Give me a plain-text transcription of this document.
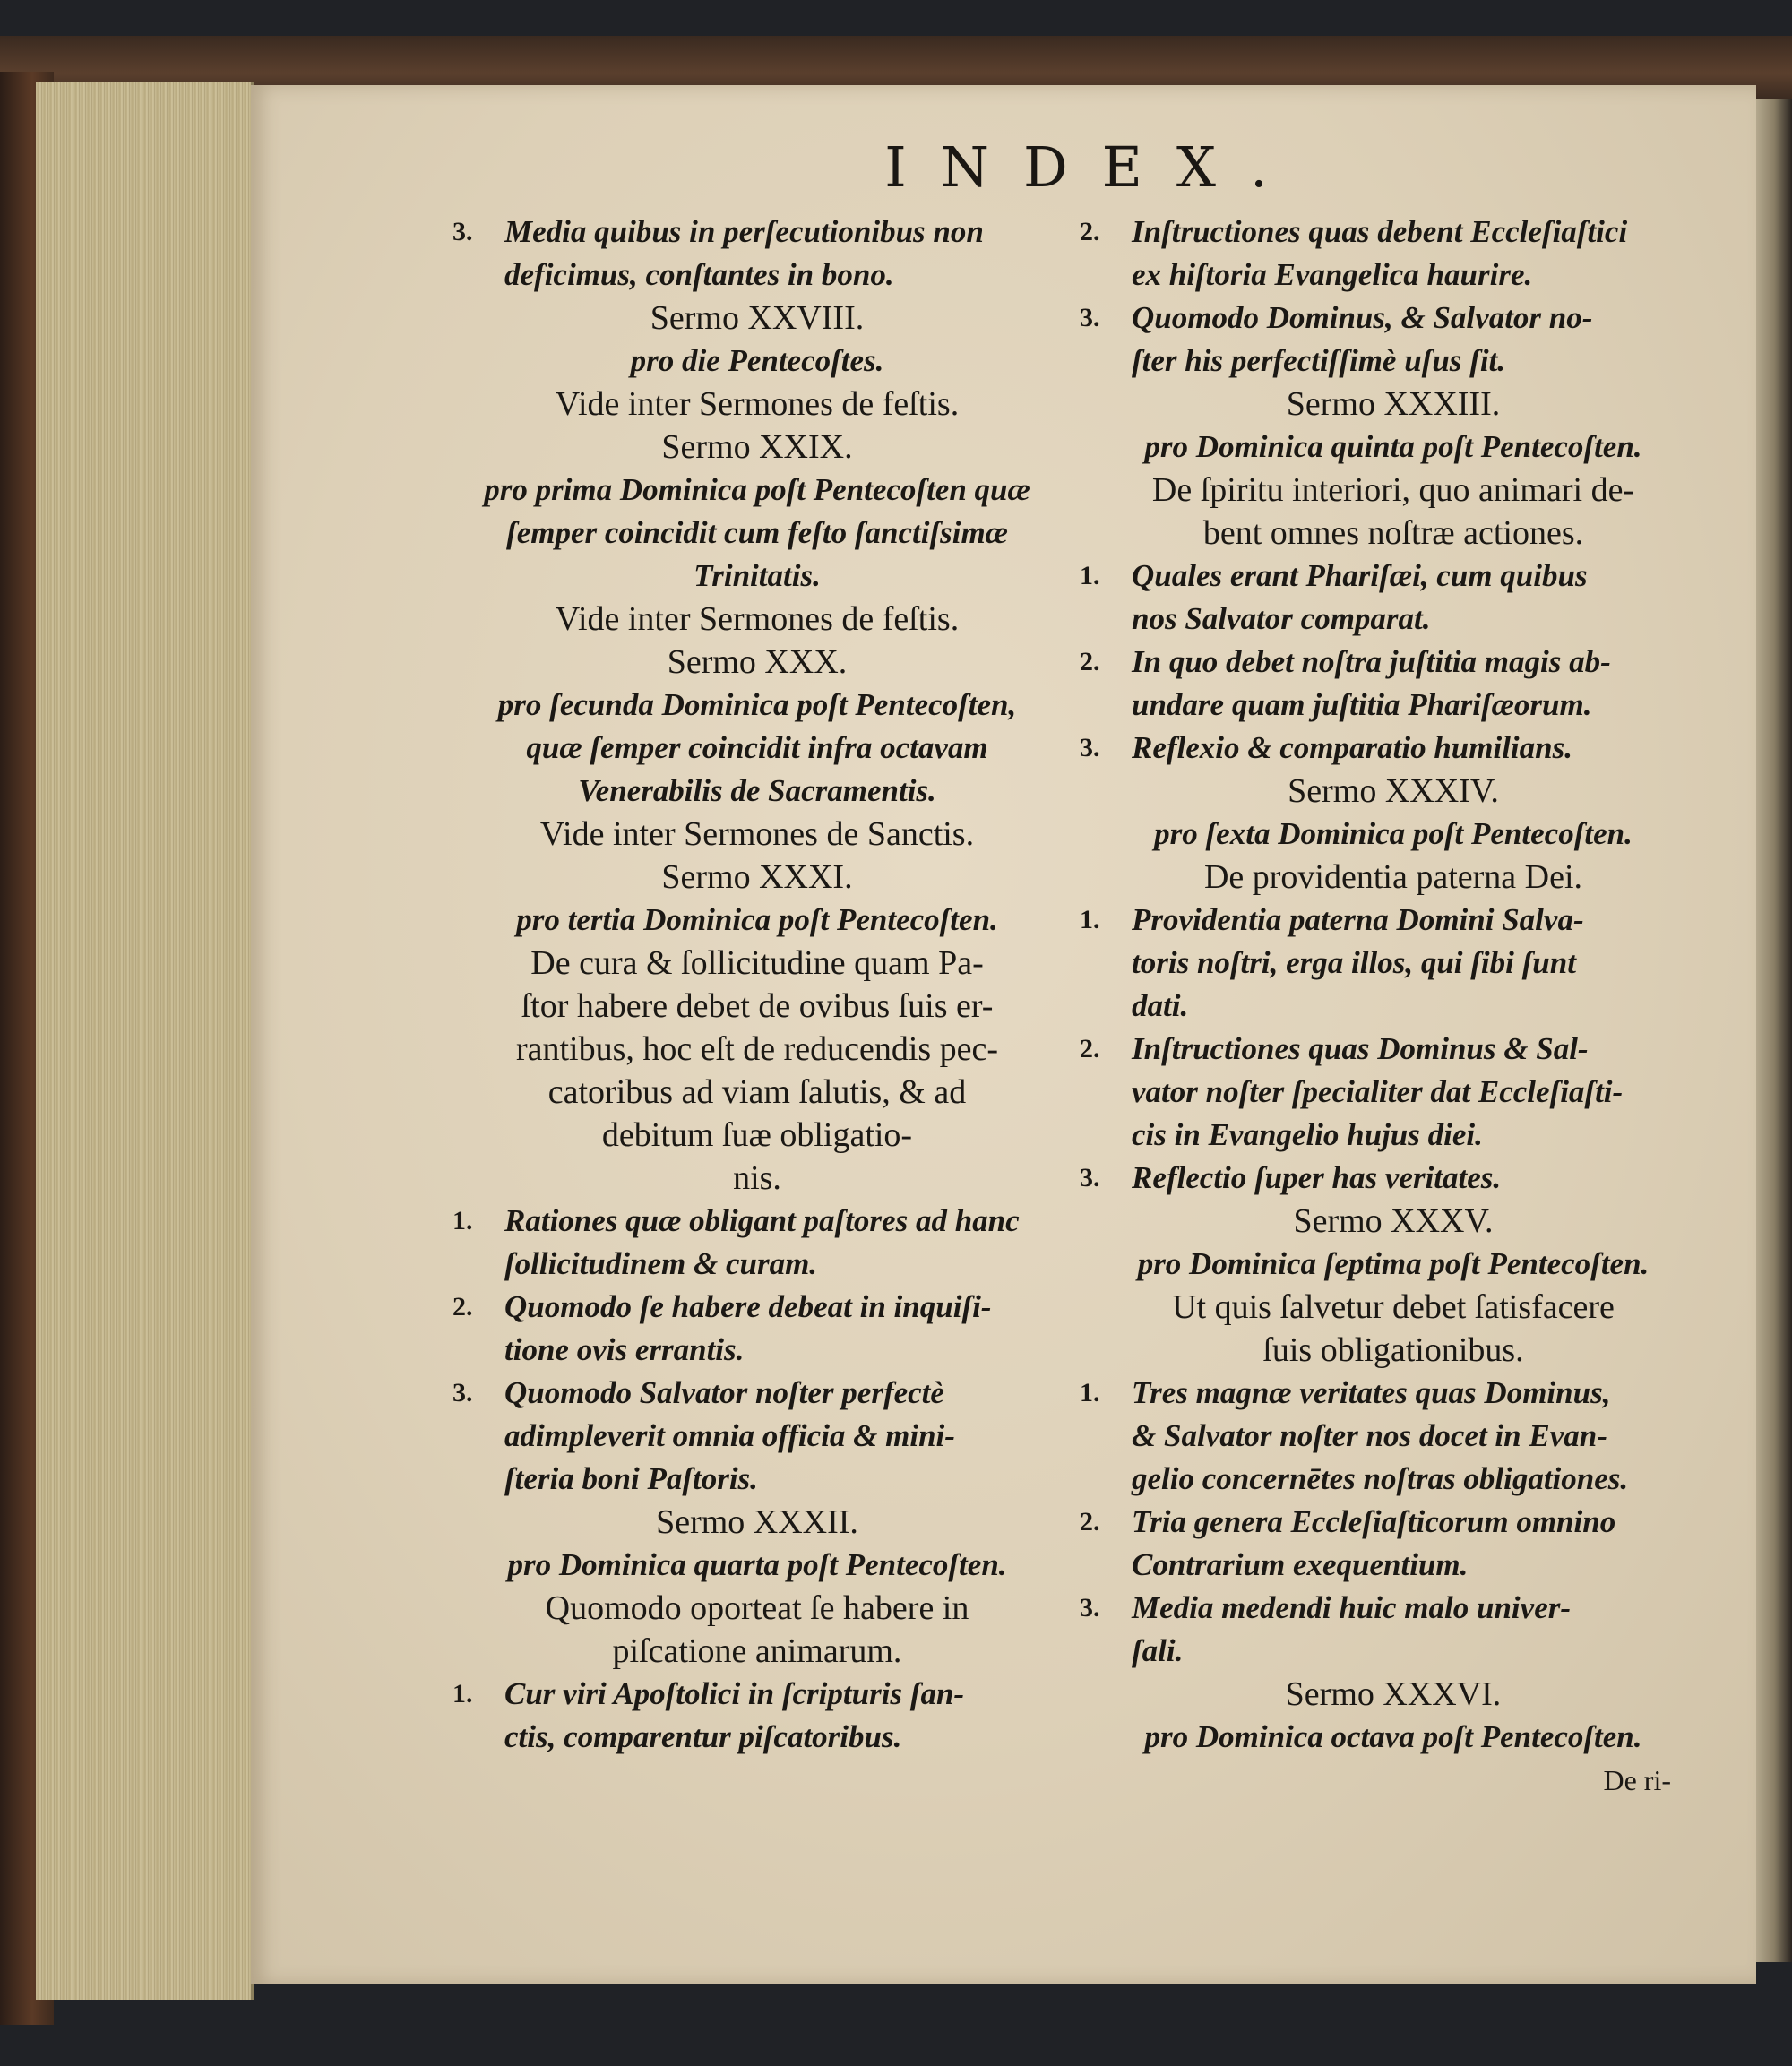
INDEX.
3. Media quibus in perſecutionibus non
deficimus, conſtantes in bono.
Sermo XXVIII.
pro die Pentecoſtes.
Vide inter Sermones de feſtis.
Sermo XXIX.
pro prima Dominica poſt Pentecoſten quæ
ſemper coincidit cum feſto ſanctiſsimæ
Trinitatis.
Vide inter Sermones de feſtis.
Sermo XXX.
pro ſecunda Dominica poſt Pentecoſten,
quæ ſemper coincidit infra octavam
Venerabilis de Sacramentis.
Vide inter Sermones de Sanctis.
Sermo XXXI.
pro tertia Dominica poſt Pentecoſten.
De cura & ſollicitudine quam Pa-
ſtor habere debet de ovibus ſuis er-
rantibus, hoc eſt de reducendis pec-
catoribus ad viam ſalutis, & ad
debitum ſuæ obligatio-
nis.
1. Rationes quæ obligant paſtores ad hanc
ſollicitudinem & curam.
2. Quomodo ſe habere debeat in inquiſi-
tione ovis errantis.
3. Quomodo Salvator noſter perfectè
adimpleverit omnia officia & mini-
ſteria boni Paſtoris.
Sermo XXXII.
pro Dominica quarta poſt Pentecoſten.
Quomodo oporteat ſe habere in
piſcatione animarum.
1. Cur viri Apoſtolici in ſcripturis ſan-
ctis, comparentur piſcatoribus.
2. Inſtructiones quas debent Eccleſiaſtici
ex hiſtoria Evangelica haurire.
3. Quomodo Dominus, & Salvator no-
ſter his perfectiſſimè uſus ſit.
Sermo XXXIII.
pro Dominica quinta poſt Pentecoſten.
De ſpiritu interiori, quo animari de-
bent omnes noſtræ actiones.
1. Quales erant Phariſæi, cum quibus
nos Salvator comparat.
2. In quo debet noſtra juſtitia magis ab-
undare quam juſtitia Phariſæorum.
3. Reflexio & comparatio humilians.
Sermo XXXIV.
pro ſexta Dominica poſt Pentecoſten.
De providentia paterna Dei.
1. Providentia paterna Domini Salva-
toris noſtri, erga illos, qui ſibi ſunt
dati.
2. Inſtructiones quas Dominus & Sal-
vator noſter ſpecialiter dat Eccleſiaſti-
cis in Evangelio hujus diei.
3. Reflectio ſuper has veritates.
Sermo XXXV.
pro Dominica ſeptima poſt Pentecoſten.
Ut quis ſalvetur debet ſatisfacere
ſuis obligationibus.
1. Tres magnæ veritates quas Dominus,
& Salvator noſter nos docet in Evan-
gelio concernētes noſtras obligationes.
2. Tria genera Eccleſiaſticorum omnino
Contrarium exequentium.
3. Media medendi huic malo univer-
ſali.
Sermo XXXVI.
pro Dominica octava poſt Pentecoſten.
De ri-
